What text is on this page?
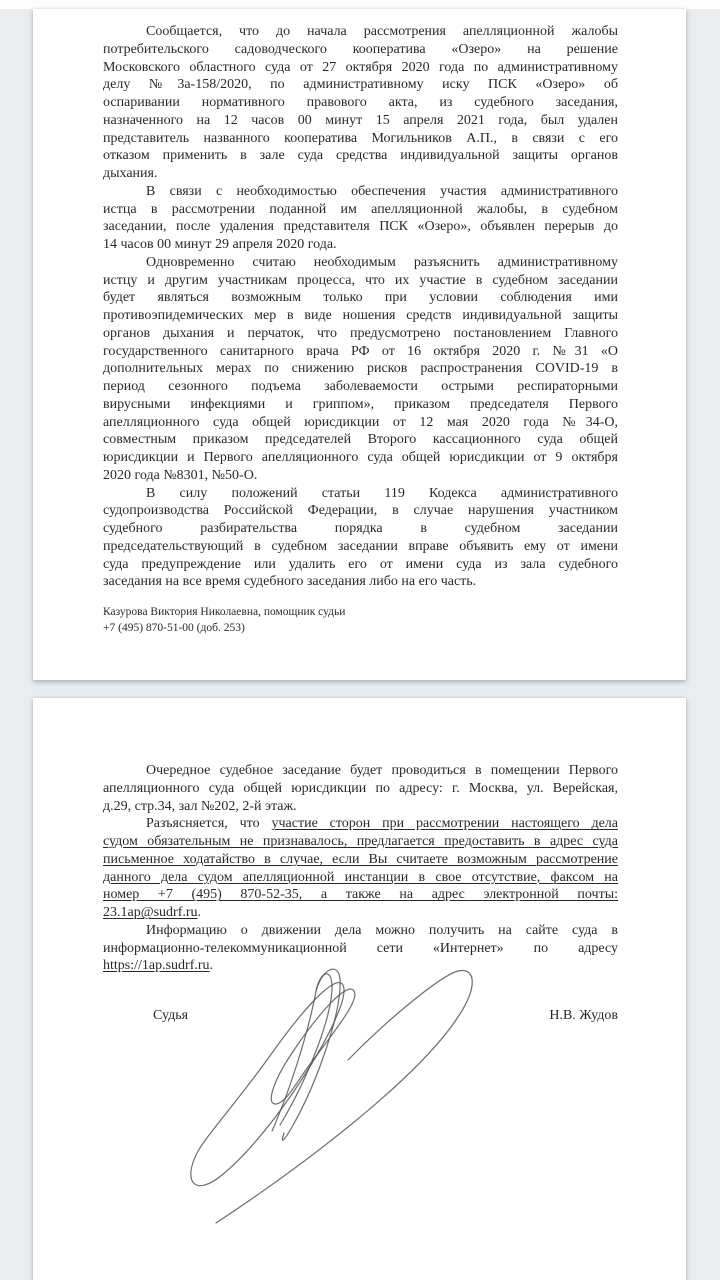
Сообщается, что до начала рассмотрения апелляционной жалобы
потребительского садоводческого кооператива «Озеро» на решение
Московского областного суда от 27 октября 2020 года по административному
делу №3а-158/2020, по административному иску ПСК «Озеро» об
оспаривании нормативного правового акта, из судебного заседания,
назначенного на 12 часов 00 минут 15 апреля 2021 года, был удален
представитель названного кооператива Могильников А.П., в связи с его
отказом применить в зале суда средства индивидуальной защиты органов
дыхания.
В связи с необходимостью обеспечения участия административного
истца в рассмотрении поданной им апелляционной жалобы, в судебном
заседании, после удаления представителя ПСК «Озеро», объявлен перерыв до
14 часов 00 минут 29 апреля 2020 года.
Одновременно считаю необходимым разъяснить административному
истцу и другим участникам процесса, что их участие в судебном заседании
будет являться возможным только при условии соблюдения ими
противоэпидемических мер в виде ношения средств индивидуальной защиты
органов дыхания и перчаток, что предусмотрено постановлением Главного
государственного санитарного врача РФ от 16 октября 2020 г. №31 «О
дополнительных мерах по снижению рисков распространения COVID-19 в
период сезонного подъема заболеваемости острыми респираторными
вирусными инфекциями и гриппом», приказом председателя Первого
апелляционного суда общей юрисдикции от 12 мая 2020 года №34-О,
совместным приказом председателей Второго кассационного суда общей
юрисдикции и Первого апелляционного суда общей юрисдикции от 9 октября
2020 года №8301, №50-О.
В силу положений статьи 119 Кодекса административного
судопроизводства Российской Федерации, в случае нарушения участником
судебного разбирательства порядка в судебном заседании
председательствующий в судебном заседании вправе объявить ему от имени
суда предупреждение или удалить его от имени суда из зала судебного
заседания на все время судебного заседания либо на его часть.
Казурова Виктория Николаевна, помощник судьи
+7 (495) 870-51-00 (доб. 253)
Очередное судебное заседание будет проводиться в помещении Первого
апелляционного суда общей юрисдикции по адресу: г. Москва, ул. Верейская,
д.29, стр.34, зал №202, 2-й этаж.
Разъясняется, что участие сторон при рассмотрении настоящего дела
судом обязательным не признавалось, предлагается предоставить в адрес суда
письменное ходатайство в случае, если Вы считаете возможным рассмотрение
данного дела судом апелляционной инстанции в свое отсутствие, факсом на
номер +7 (495) 870-52-35, а также на адрес электронной почты:
23.1ap@sudrf.ru.
Информацию о движении дела можно получить на сайте суда в
информационно-телекоммуникационной сети «Интернет» по адресу
https://1ap.sudrf.ru.
Судья	Н.В. Жудов
